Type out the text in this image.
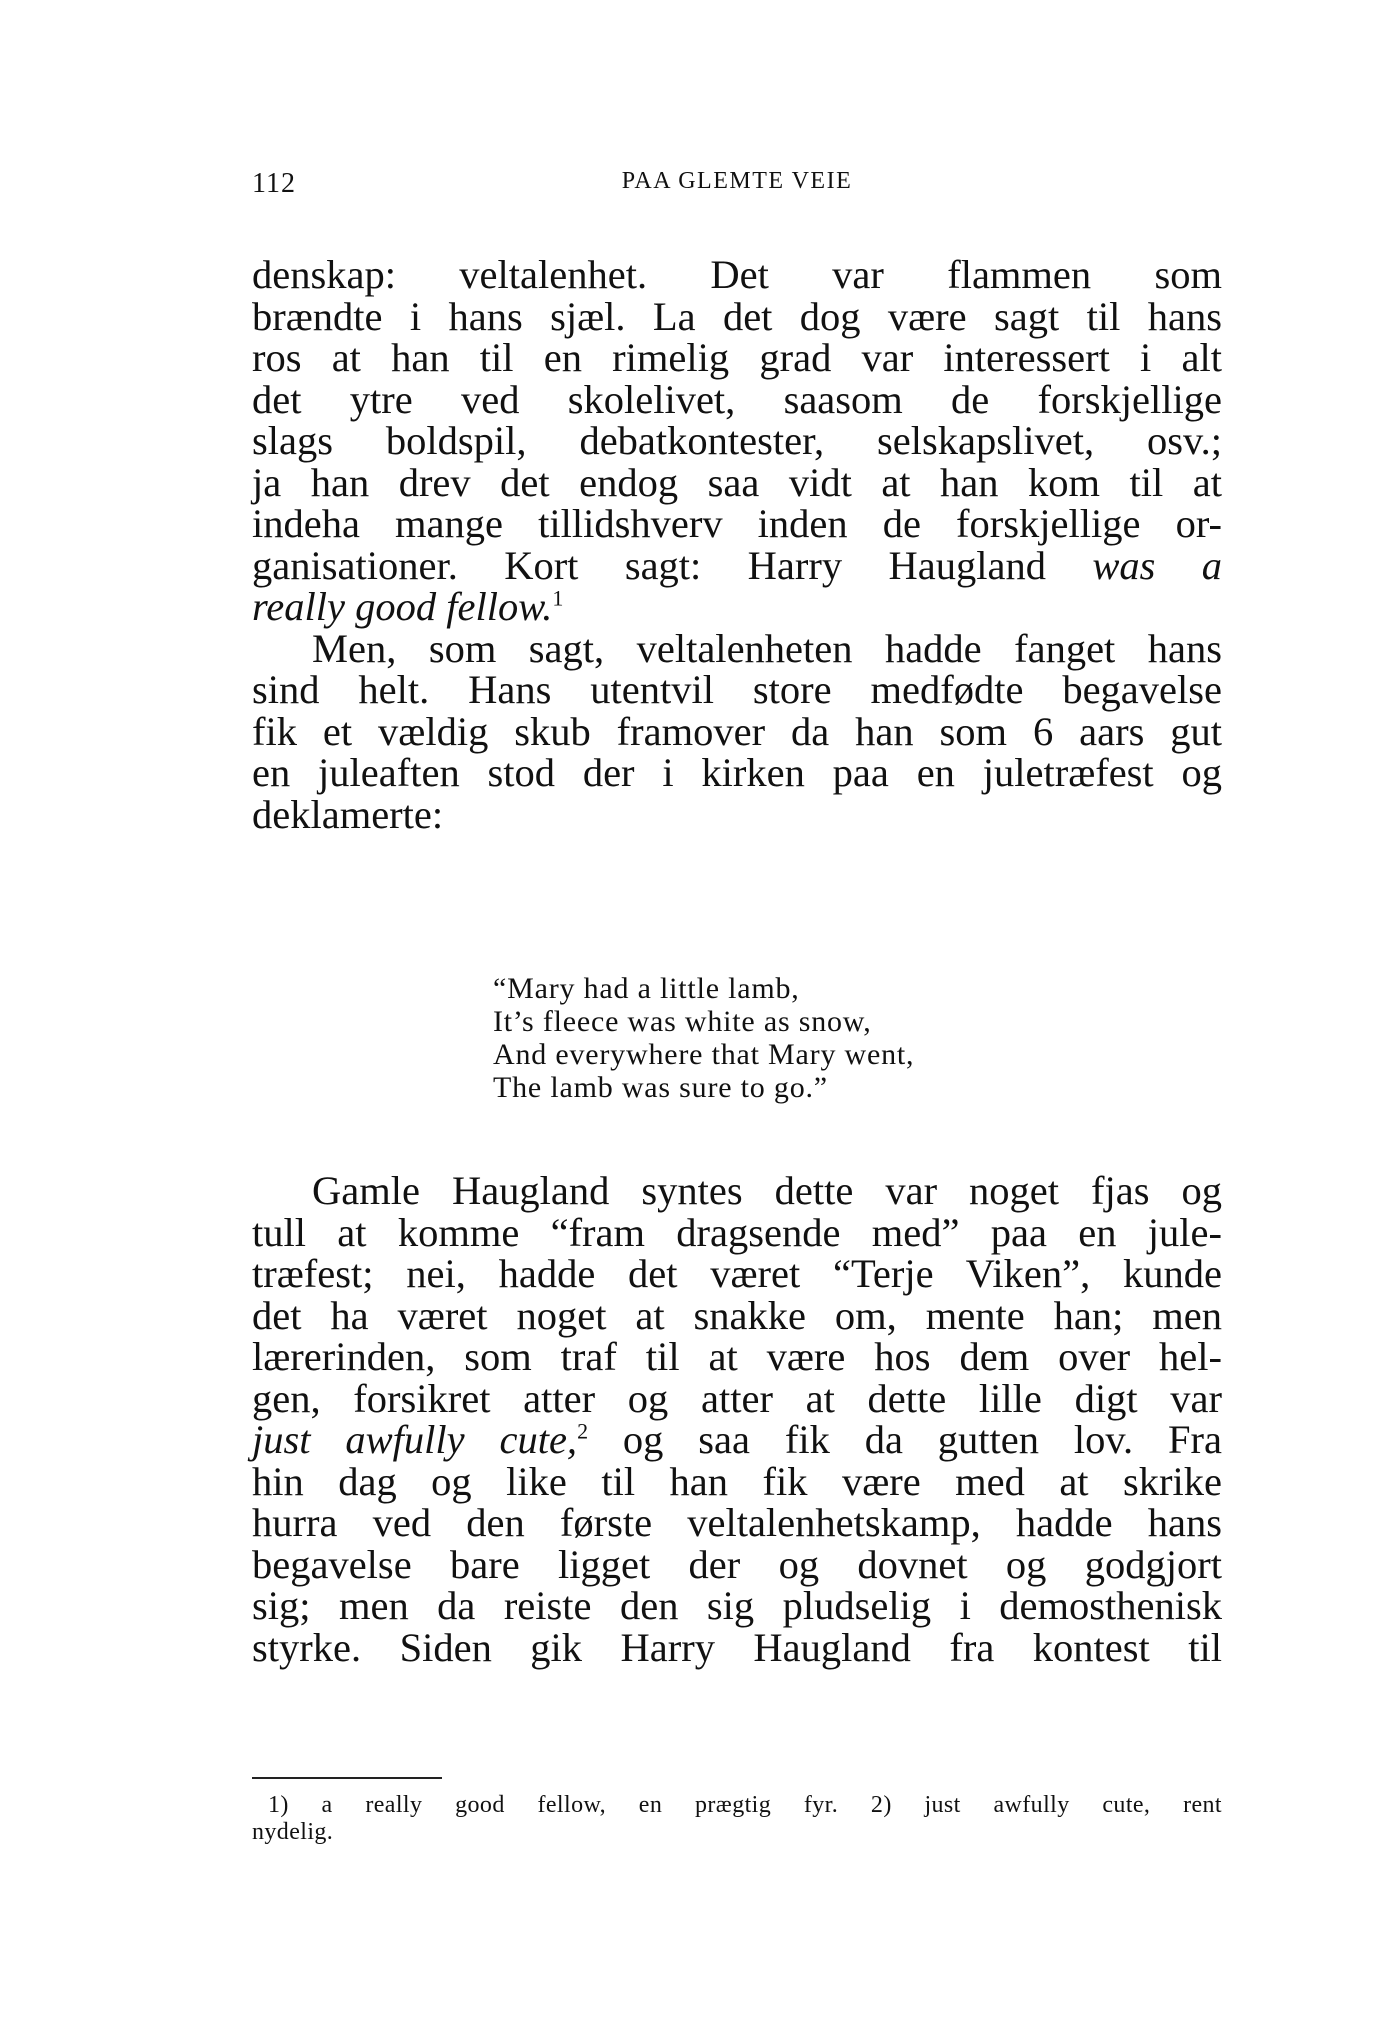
112	PAA GLEMTE VEIE
denskap: veltalenhet. Det var flammen som
brændte i hans sjæl. La det dog være sagt til hans
ros at han til en rimelig grad var interessert i alt
det ytre ved skolelivet, saasom de forskjellige
slags boldspil, debatkontester, selskapslivet, osv.;
ja han drev det endog saa vidt at han kom til at
indeha mange tillidshverv inden de forskjellige or-
ganisationer. Kort sagt: Harry Haugland was a
really good fellow.$^1$
Men, som sagt, veltalenheten hadde fanget hans
sind helt. Hans utentvil store medfødte begavelse
fik et vældig skub framover da han som 6 aars gut
en juleaften stod der i kirken paa en juletræfest og
deklamerte:
“Mary had a little lamb,
It’s fleece was white as snow,
And everywhere that Mary went,
The lamb was sure to go.”
Gamle Haugland syntes dette var noget fjas og
tull at komme “fram dragsende med” paa en jule-
træfest; nei, hadde det været “Terje Viken”, kunde
det ha været noget at snakke om, mente han; men
lærerinden, som traf til at være hos dem over hel-
gen, forsikret atter og atter at dette lille digt var
just awfully cute,$^2$ og saa fik da gutten lov. Fra
hin dag og like til han fik være med at skrike
hurra ved den første veltalenhetskamp, hadde hans
begavelse bare ligget der og dovnet og godgjort
sig; men da reiste den sig pludselig i demosthenisk
styrke. Siden gik Harry Haugland fra kontest til
1) a really good fellow, en prægtig fyr. 2) just awfully cute, rent
nydelig.
